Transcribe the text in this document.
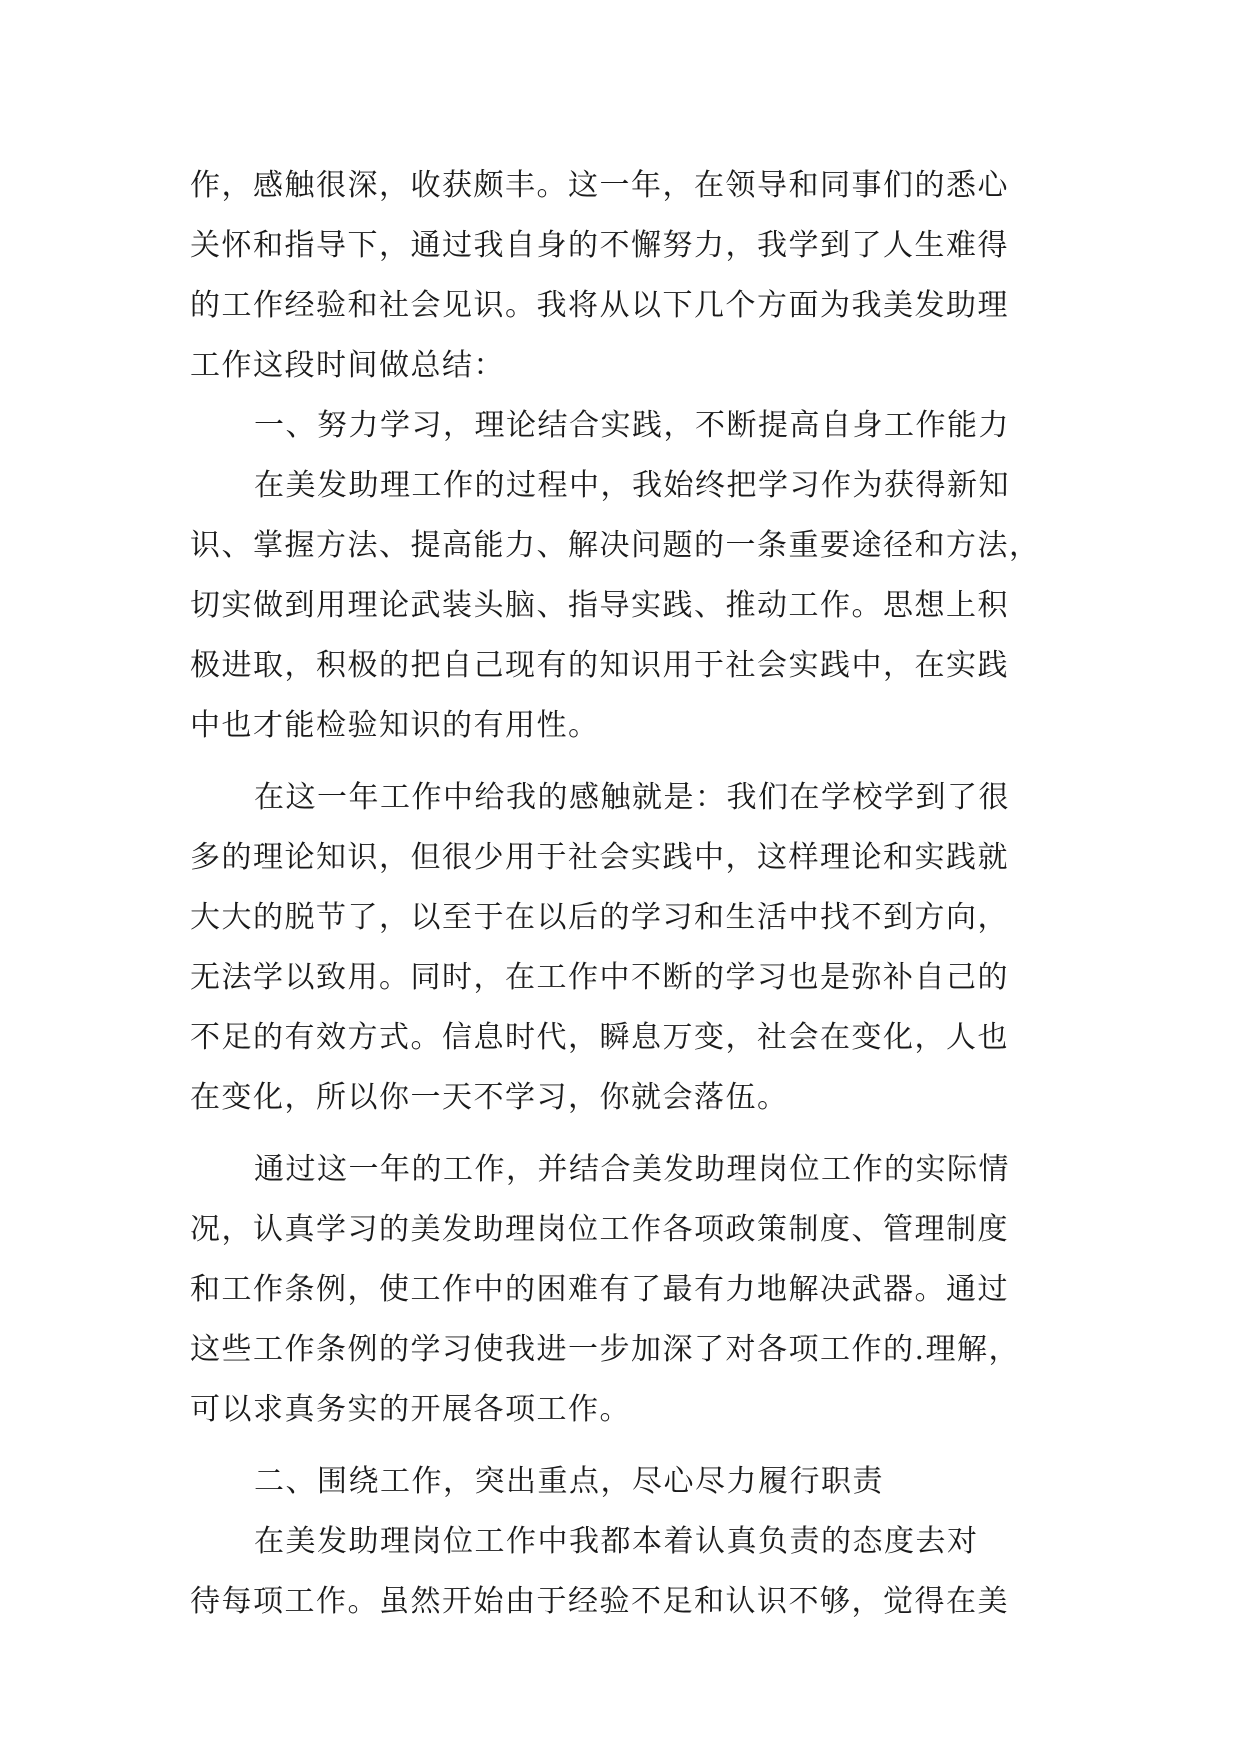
作，感触很深，收获颇丰。这一年，在领导和同事们的悉心
关怀和指导下，通过我自身的不懈努力，我学到了人生难得
的工作经验和社会见识。我将从以下几个方面为我美发助理
工作这段时间做总结：
一、努力学习，理论结合实践，不断提高自身工作能力
在美发助理工作的过程中，我始终把学习作为获得新知
识、掌握方法、提高能力、解决问题的一条重要途径和方法，
切实做到用理论武装头脑、指导实践、推动工作。思想上积
极进取，积极的把自己现有的知识用于社会实践中，在实践
中也才能检验知识的有用性。
在这一年工作中给我的感触就是：我们在学校学到了很
多的理论知识，但很少用于社会实践中，这样理论和实践就
大大的脱节了，以至于在以后的学习和生活中找不到方向，
无法学以致用。同时，在工作中不断的学习也是弥补自己的
不足的有效方式。信息时代，瞬息万变，社会在变化，人也
在变化，所以你一天不学习，你就会落伍。
通过这一年的工作，并结合美发助理岗位工作的实际情
况，认真学习的美发助理岗位工作各项政策制度、管理制度
和工作条例，使工作中的困难有了最有力地解决武器。通过
这些工作条例的学习使我进一步加深了对各项工作的.理解，
可以求真务实的开展各项工作。
二、围绕工作，突出重点，尽心尽力履行职责
在美发助理岗位工作中我都本着认真负责的态度去对
待每项工作。虽然开始由于经验不足和认识不够，觉得在美
